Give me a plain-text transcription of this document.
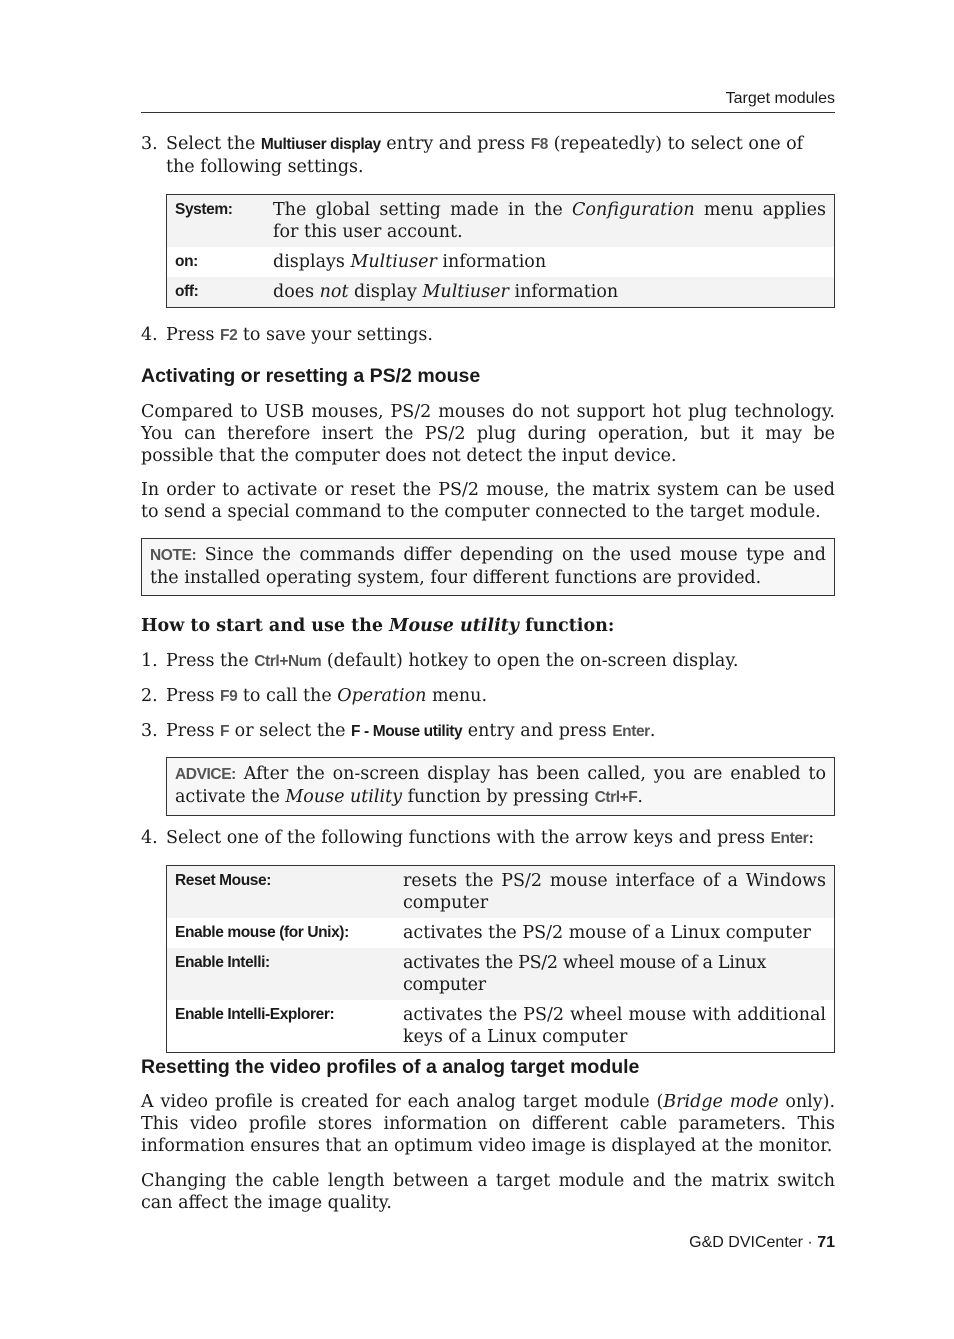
Target modules
3. Select the Multiuser display entry and press F8 (repeatedly) to select one of the following settings.
System:	The global setting made in the Configuration menu applies for this user account.
on:	displays Multiuser information
off:	does not display Multiuser information
4. Press F2 to save your settings.
Activating or resetting a PS/2 mouse

Compared to USB mouses, PS/2 mouses do not support hot plug technology. You can therefore insert the PS/2 plug during operation, but it may be possible that the computer does not detect the input device.

In order to activate or reset the PS/2 mouse, the matrix system can be used to send a special command to the computer connected to the target module.

NOTE: Since the commands differ depending on the used mouse type and the installed operating system, four different functions are provided.

How to start and use the Mouse utility function:

1. Press the Ctrl+Num (default) hotkey to open the on-screen display.
2. Press F9 to call the Operation menu.
3. Press F or select the F - Mouse utility entry and press Enter.
ADVICE: After the on-screen display has been called, you are enabled to activate the Mouse utility function by pressing Ctrl+F.
4. Select one of the following functions with the arrow keys and press Enter:
Reset Mouse:	resets the PS/2 mouse interface of a Windows computer
Enable mouse (for Unix):	activates the PS/2 mouse of a Linux computer
Enable Intelli:	activates the PS/2 wheel mouse of a Linux computer
Enable Intelli-Explorer:	activates the PS/2 wheel mouse with additional keys of a Linux computer
Resetting the video profiles of a analog target module

A video profile is created for each analog target module (Bridge mode only). This video profile stores information on different cable parameters. This information ensures that an optimum video image is displayed at the monitor.

Changing the cable length between a target module and the matrix switch can affect the image quality.

G&D DVICenter · 71
